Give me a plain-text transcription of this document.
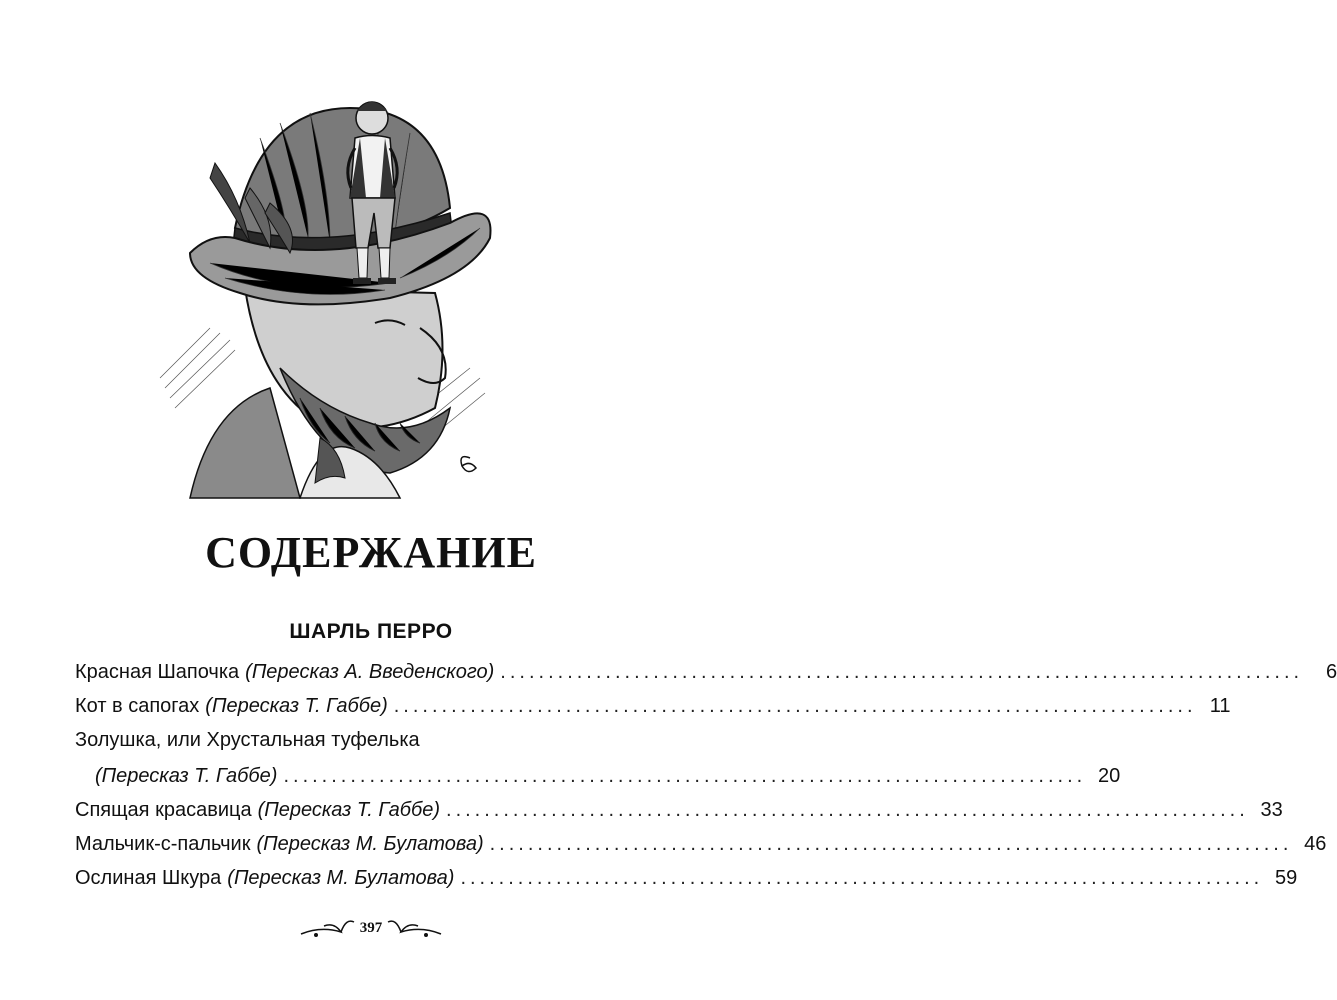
СОДЕРЖАНИЕ
ШАРЛЬ ПЕРРО
Красная Шапочка (Пересказ А. Введенского) ....................................................................................	6
Кот в сапогах (Пересказ Т. Габбе) .................................................................................... 11
Золушка, или Хрустальная туфелька
(Пересказ Т. Габбе) .................................................................................... 20
Спящая красавица (Пересказ Т. Габбе) .................................................................................... 33
Мальчик-с-пальчик (Пересказ М. Булатова) .................................................................................... 46
Ослиная Шкура (Пересказ М. Булатова) .................................................................................... 59
397
